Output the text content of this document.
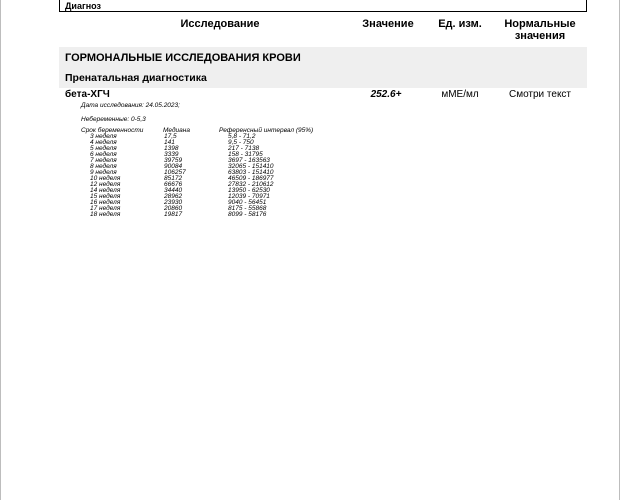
Диагноз
Исследование	Значение	Ед. изм.	Нормальные
значения
ГОРМОНАЛЬНЫЕ ИССЛЕДОВАНИЯ КРОВИ
Пренатальная диагностика
бета-ХГЧ	252.6+	мМЕ/мл	Смотри текст
Дата исследования: 24.05.2023;
Небеременные: 0-5,3
Срок беременности	Медиана	Референсный интервал (95%)
3 неделя	17,5	5,8 - 71,2
4 неделя	141	9,5 - 750
5 неделя	1398	217 - 7138
6 неделя	3339	158 - 31795
7 неделя	39759	3697 - 163563
8 неделя	90084	32065 - 151410
9 неделя	106257	63803 - 151410
10 неделя	85172	46509 - 186977
12 неделя	66676	27832 - 210612
14 неделя	34440	13950 - 62530
15 неделя	28962	12039 - 70971
16 неделя	23930	9040 - 56451
17 неделя	20860	8175 - 55868
18 неделя	19817	8099 - 58176
